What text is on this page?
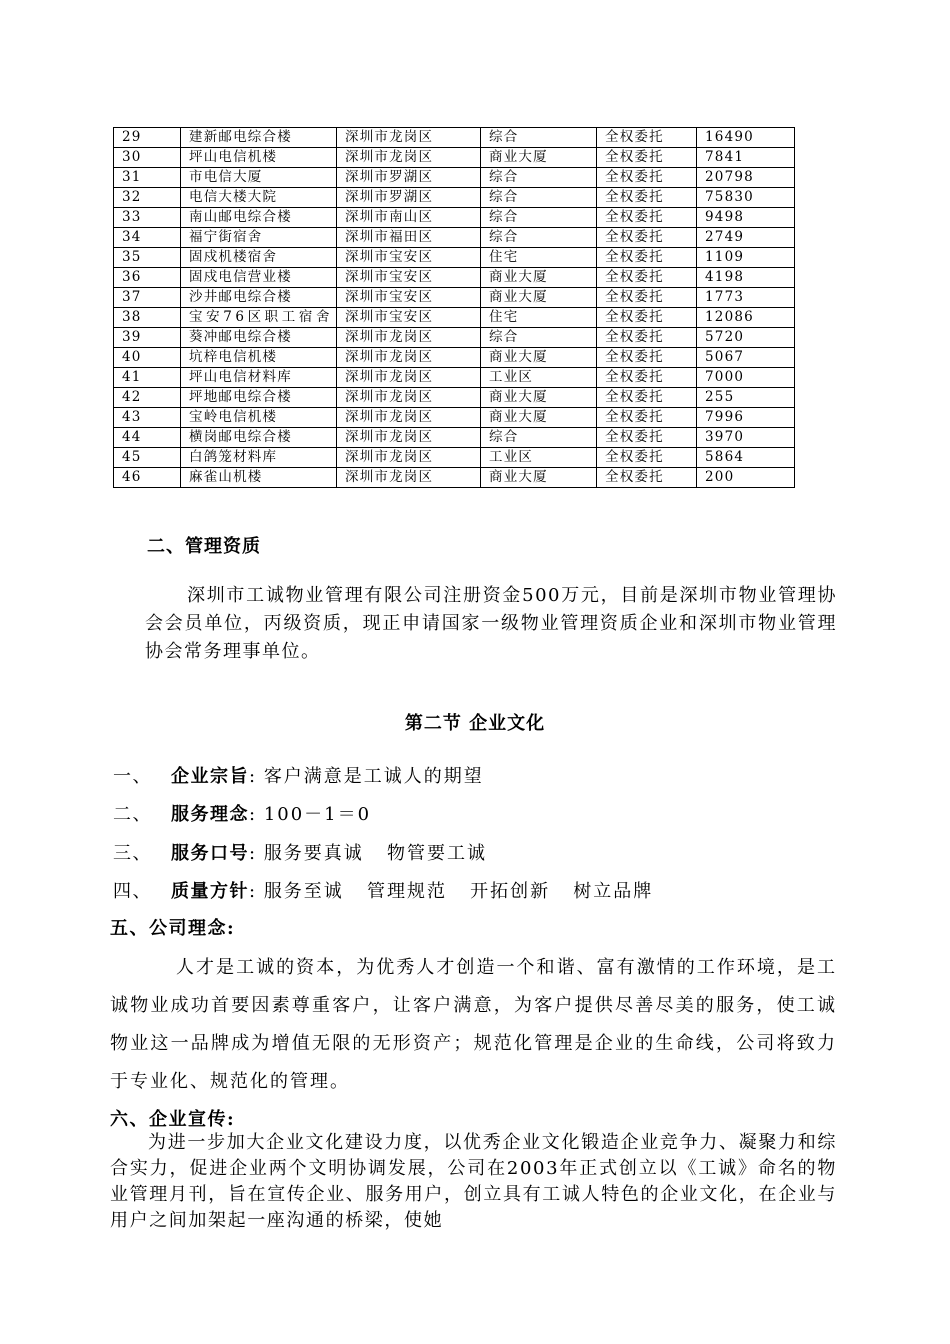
29	建新邮电综合楼	深圳市龙岗区	综合	全权委托	16490
30	坪山电信机楼	深圳市龙岗区	商业大厦	全权委托	7841
31	市电信大厦	深圳市罗湖区	综合	全权委托	20798
32	电信大楼大院	深圳市罗湖区	综合	全权委托	75830
33	南山邮电综合楼	深圳市南山区	综合	全权委托	9498
34	福宁街宿舍	深圳市福田区	综合	全权委托	2749
35	固戍机楼宿舍	深圳市宝安区	住宅	全权委托	1109
36	固戍电信营业楼	深圳市宝安区	商业大厦	全权委托	4198
37	沙井邮电综合楼	深圳市宝安区	商业大厦	全权委托	1773
38	宝安76区职工宿舍	深圳市宝安区	住宅	全权委托	12086
39	葵冲邮电综合楼	深圳市龙岗区	综合	全权委托	5720
40	坑梓电信机楼	深圳市龙岗区	商业大厦	全权委托	5067
41	坪山电信材料库	深圳市龙岗区	工业区	全权委托	7000
42	坪地邮电综合楼	深圳市龙岗区	商业大厦	全权委托	255
43	宝岭电信机楼	深圳市龙岗区	商业大厦	全权委托	7996
44	横岗邮电综合楼	深圳市龙岗区	综合	全权委托	3970
45	白鸽笼材料库	深圳市龙岗区	工业区	全权委托	5864
46	麻雀山机楼	深圳市龙岗区	商业大厦	全权委托	200
二、管理资质
深圳市工诚物业管理有限公司注册资金500万元，目前是深圳市物业管理协会会员单位，丙级资质，现正申请国家一级物业管理资质企业和深圳市物业管理协会常务理事单位。
第二节 企业文化
一、 企业宗旨: 客户满意是工诚人的期望
二、 服务理念: 100－1＝0
三、 服务口号: 服务要真诚   物管要工诚
四、 质量方针: 服务至诚   管理规范   开拓创新   树立品牌
五、公司理念:
人才是工诚的资本，为优秀人才创造一个和谐、富有激情的工作环境，是工诚物业成功首要因素尊重客户，让客户满意，为客户提供尽善尽美的服务，使工诚物业这一品牌成为增值无限的无形资产；规范化管理是企业的生命线，公司将致力于专业化、规范化的管理。
六、企业宣传:
为进一步加大企业文化建设力度，以优秀企业文化锻造企业竞争力、凝聚力和综合实力，促进企业两个文明协调发展，公司在2003年正式创立以《工诚》命名的物业管理月刊，旨在宣传企业、服务用户，创立具有工诚人特色的企业文化，在企业与用户之间加架起一座沟通的桥梁，使她
